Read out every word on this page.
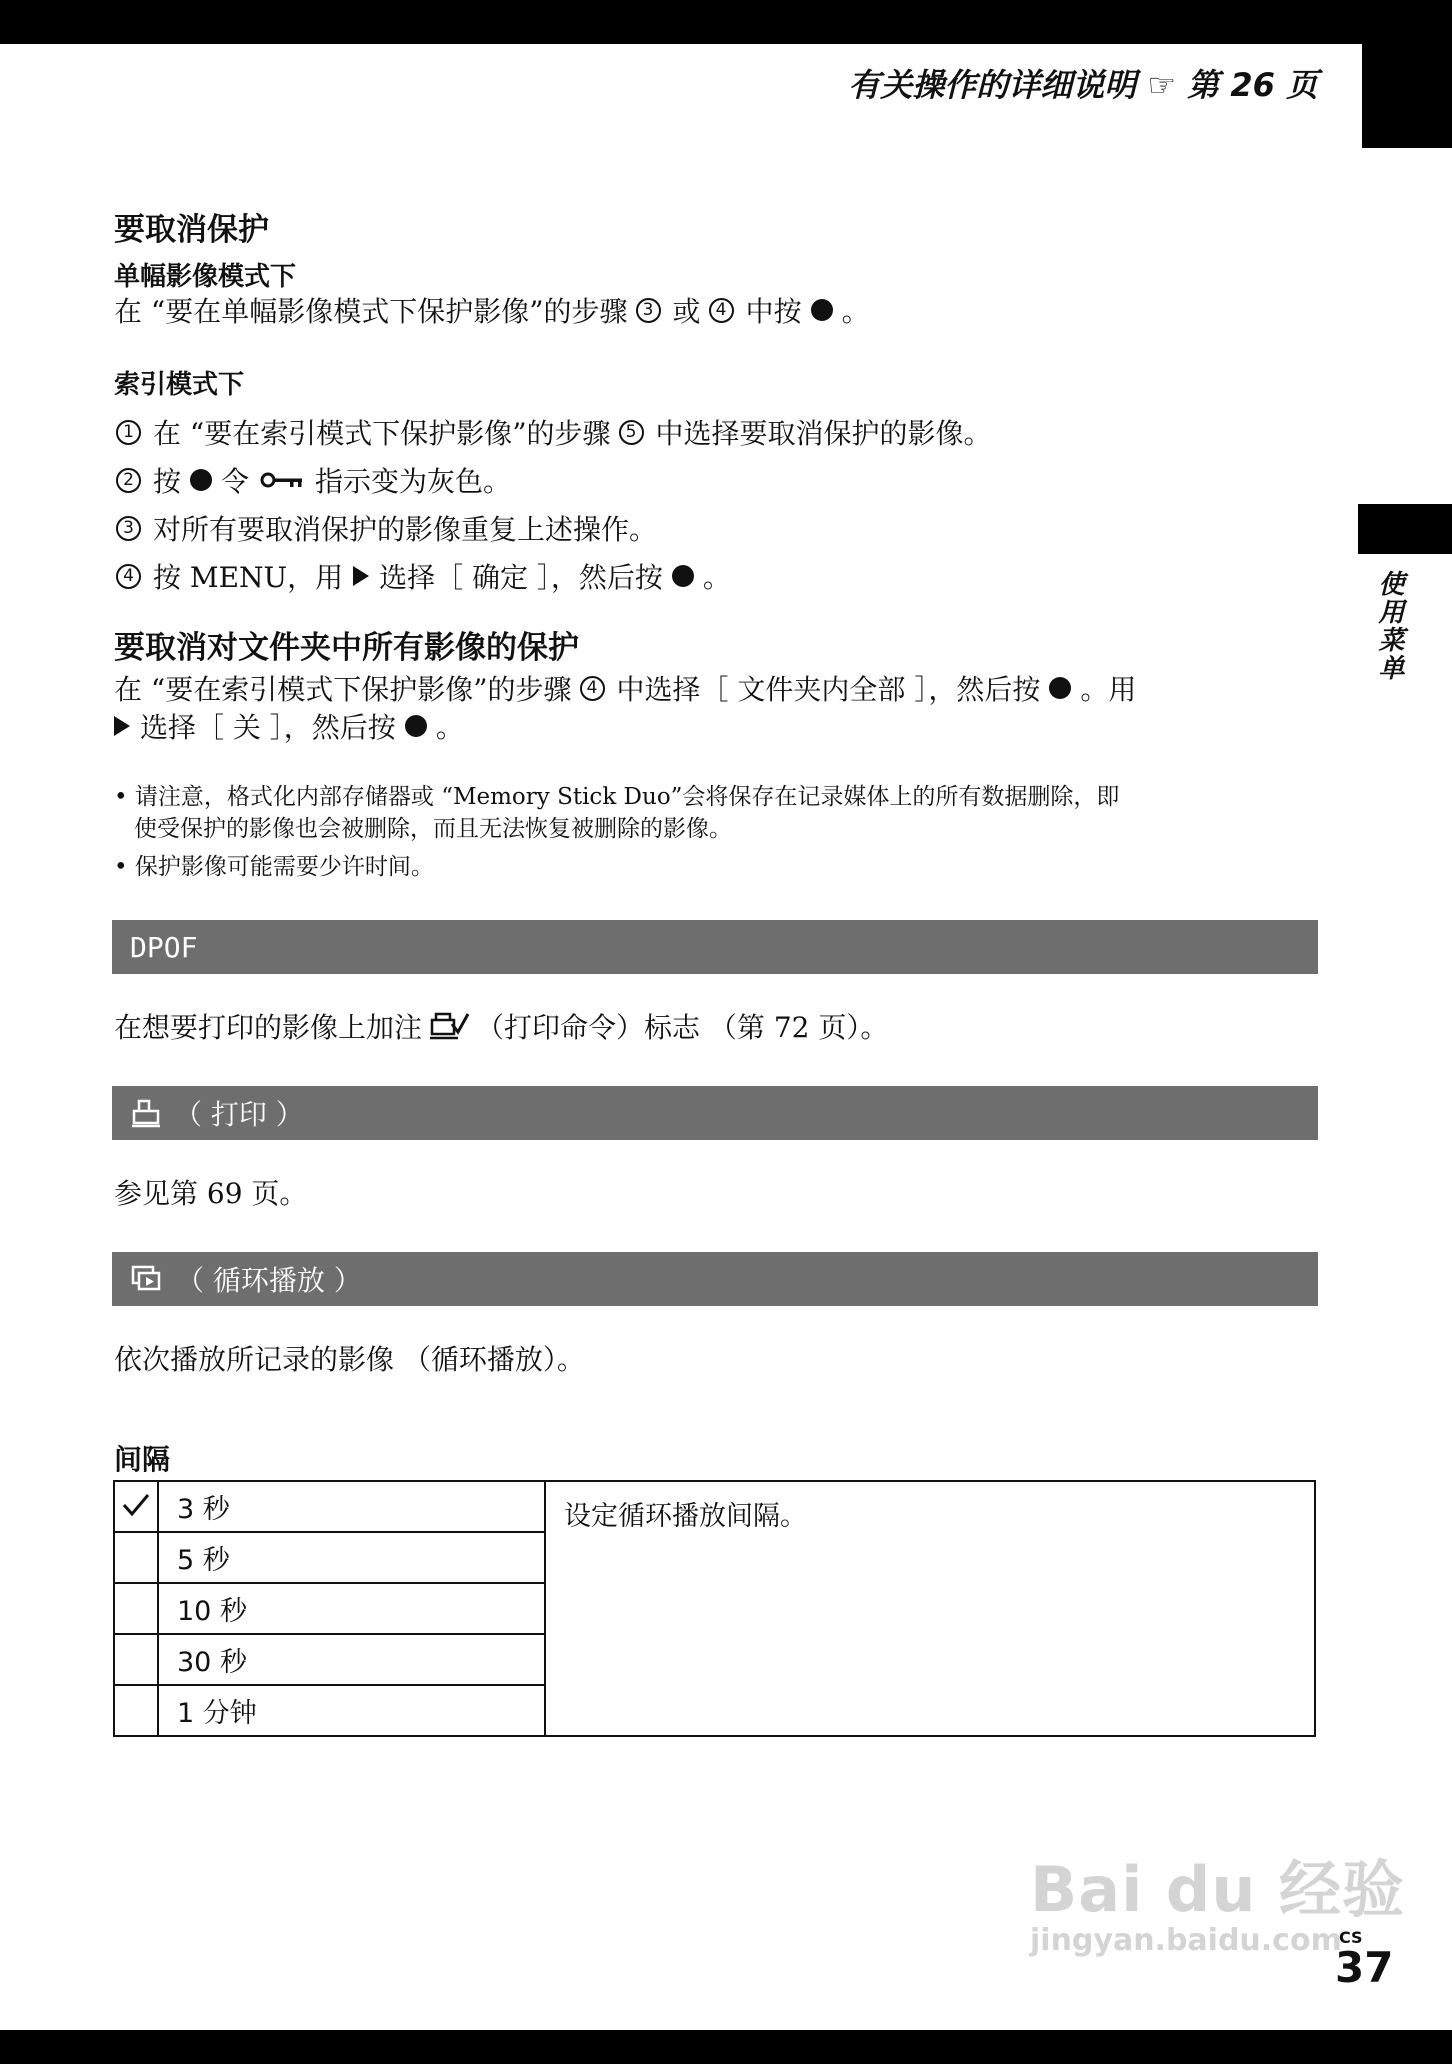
有关操作的详细说明 ☞ 第 26 页
使用菜单
要取消保护
单幅影像模式下
在 “要在单幅影像模式下保护影像”的步骤 3 或 4 中按 。
索引模式下
1 在 “要在索引模式下保护影像”的步骤 5 中选择要取消保护的影像。
2 按 令 指示变为灰色。
3 对所有要取消保护的影像重复上述操作。
4 按 MENU，用 选择［ 确定 ］，然后按 。
要取消对文件夹中所有影像的保护
在 “要在索引模式下保护影像”的步骤 4 中选择［ 文件夹内全部 ］，然后按 。用
选择［ 关 ］，然后按 。
• 请注意，格式化内部存储器或 “Memory Stick Duo”会将保存在记录媒体上的所有数据删除，即
使受保护的影像也会被删除，而且无法恢复被删除的影像。
• 保护影像可能需要少许时间。
DPOF
在想要打印的影像上加注 （打印命令）标志 （第 72 页）。
（ 打印 ）
参见第 69 页。
（ 循环播放 ）
依次播放所记录的影像 （循环播放）。
间隔
	3 秒	设定循环播放间隔。
	5 秒	
	10 秒	
	30 秒	
	1 分钟	
Bai du 经验
jingyan.baidu.com
CS
37
